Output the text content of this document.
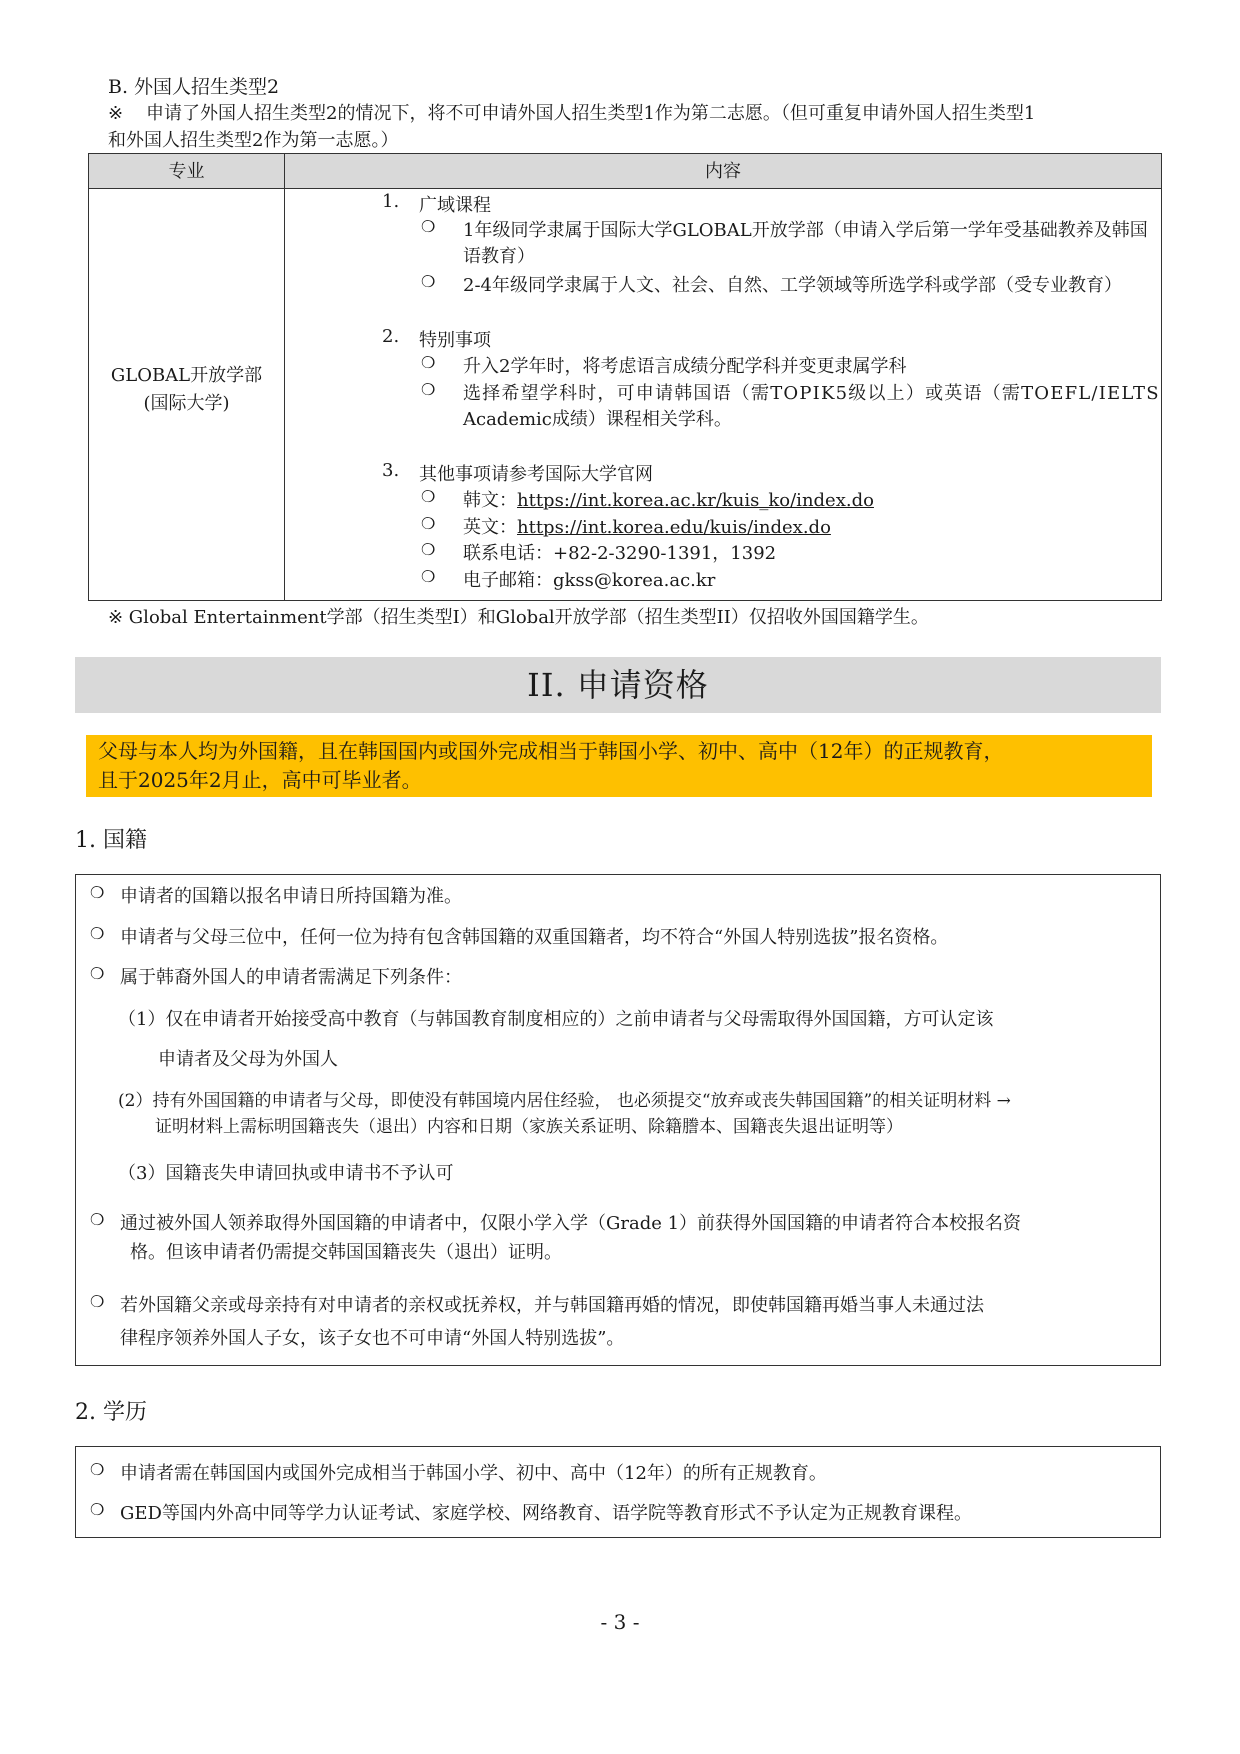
B. 外国人招生类型2
※	申请了外国人招生类型2的情况下，将不可申请外国人招生类型1作为第二志愿。（但可重复申请外国人招生类型1
和外国人招生类型2作为第一志愿。）
专业	内容
GLOBAL开放学部
(国际大学)
1. 广域课程
❍ 1年级同学隶属于国际大学GLOBAL开放学部（申请入学后第一学年受基础教养及韩国
语教育）
❍ 2-4年级同学隶属于人文、社会、自然、工学领域等所选学科或学部（受专业教育）
2. 特别事项
❍ 升入2学年时，将考虑语言成绩分配学科并变更隶属学科
❍ 选择希望学科时，可申请韩国语（需TOPIK5级以上）或英语（需TOEFL/IELTS
Academic成绩）课程相关学科。
3. 其他事项请参考国际大学官网
❍ 韩文：https://int.korea.ac.kr/kuis_ko/index.do
❍ 英文：https://int.korea.edu/kuis/index.do
❍ 联系电话：+82-2-3290-1391，1392
❍ 电子邮箱：gkss@korea.ac.kr
※ Global Entertainment学部（招生类型I）和Global开放学部（招生类型II）仅招收外国国籍学生。
II. 申请资格
父母与本人均为外国籍，且在韩国国内或国外完成相当于韩国小学、初中、高中（12年）的正规教育，
且于2025年2月止，高中可毕业者。
1. 国籍
❍ 申请者的国籍以报名申请日所持国籍为准。
❍ 申请者与父母三位中，任何一位为持有包含韩国籍的双重国籍者，均不符合“外国人特别选拔”报名资格。
❍ 属于韩裔外国人的申请者需满足下列条件：
（1）仅在申请者开始接受高中教育（与韩国教育制度相应的）之前申请者与父母需取得外国国籍，方可认定该
申请者及父母为外国人
(2）持有外国国籍的申请者与父母，即使没有韩国境内居住经验， 也必须提交“放弃或丧失韩国国籍”的相关证明材料 →
证明材料上需标明国籍丧失（退出）内容和日期（家族关系证明、除籍謄本、国籍丧失退出证明等）
（3）国籍丧失申请回执或申请书不予认可
❍ 通过被外国人领养取得外国国籍的申请者中，仅限小学入学（Grade 1）前获得外国国籍的申请者符合本校报名资
格。但该申请者仍需提交韩国国籍丧失（退出）证明。
❍ 若外国籍父亲或母亲持有对申请者的亲权或抚养权，并与韩国籍再婚的情况，即使韩国籍再婚当事人未通过法
律程序领养外国人子女，该子女也不可申请“外国人特别选拔”。
2. 学历
❍ 申请者需在韩国国内或国外完成相当于韩国小学、初中、高中（12年）的所有正规教育。
❍ GED等国内外高中同等学力认证考试、家庭学校、网络教育、语学院等教育形式不予认定为正规教育课程。
- 3 -
